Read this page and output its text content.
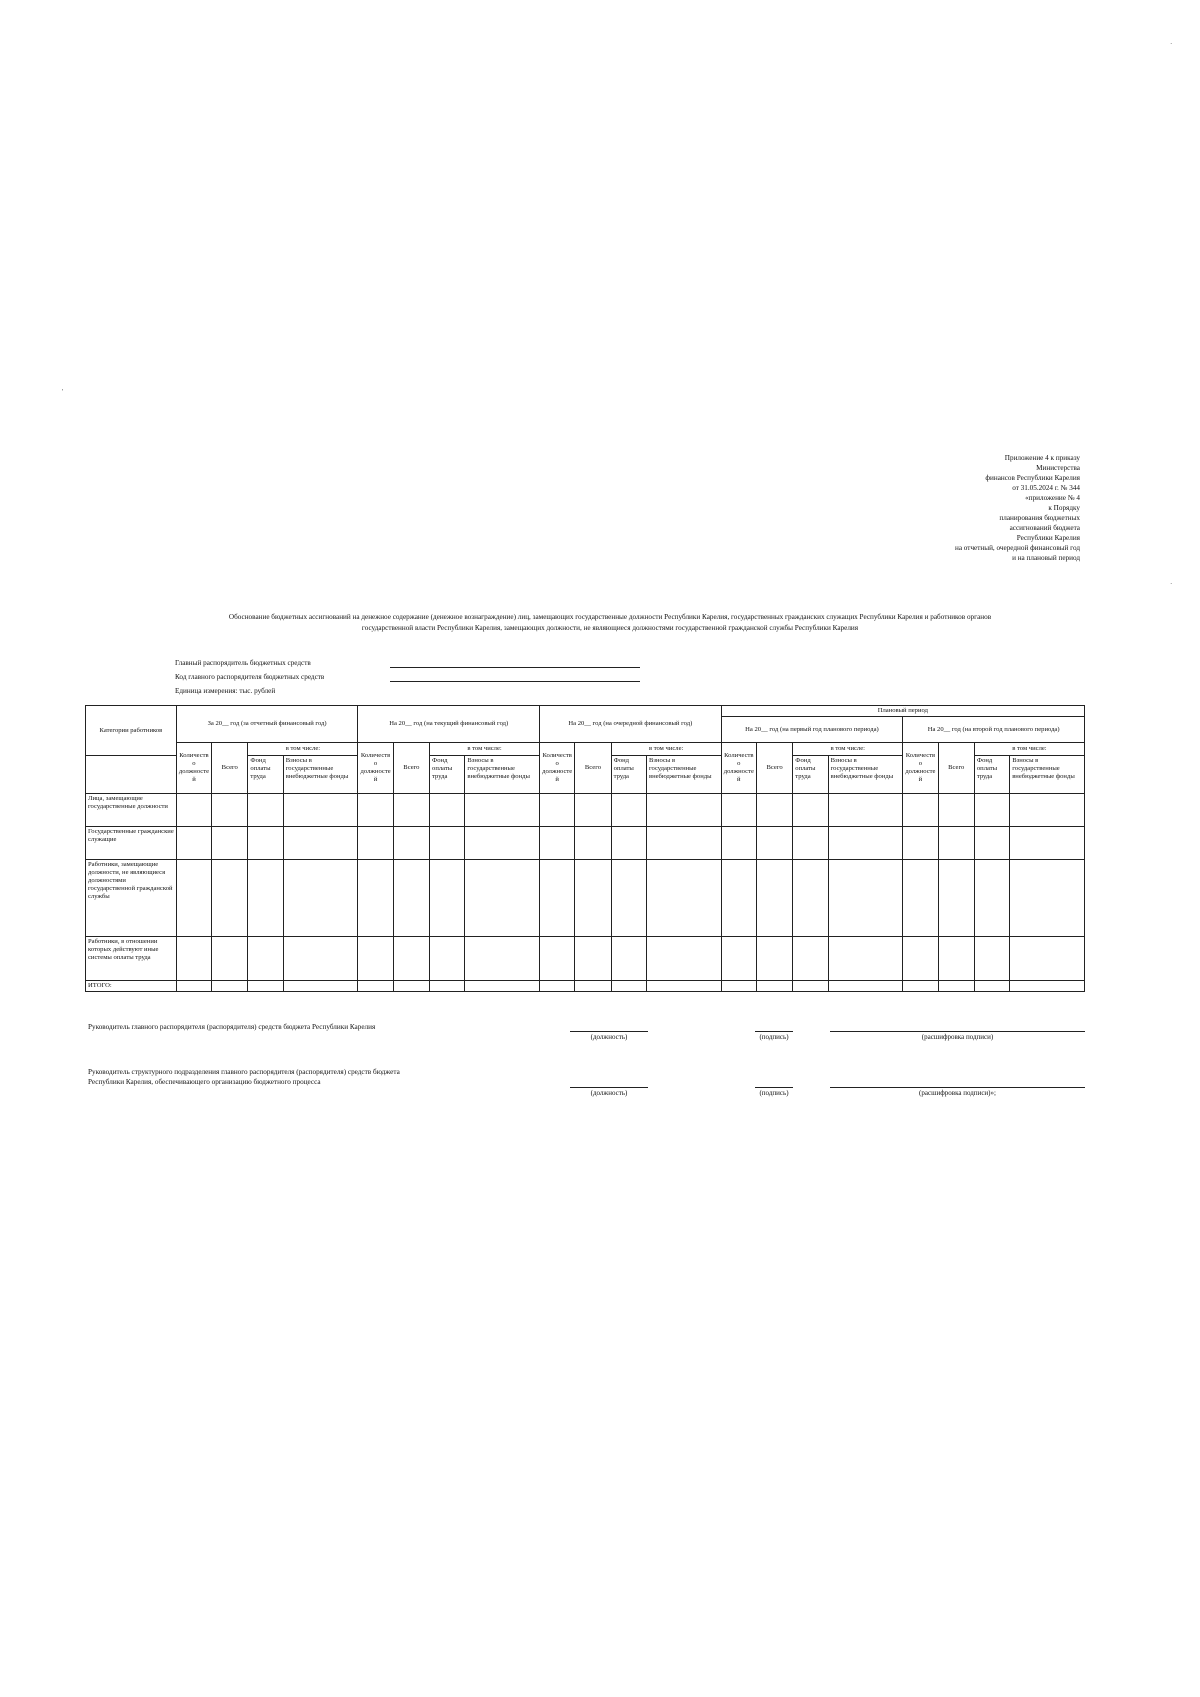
·
'
·
Приложение 4 к приказу
Министерства
финансов Республики Карелия
от 31.05.2024 г. № 344
«приложение № 4
к Порядку
планирования бюджетных
ассигнований бюджета
Республики Карелия
на отчетный, очередной финансовый год
и на плановый период
Обоснование бюджетных ассигнований на денежное содержание (денежное вознаграждение) лиц, замещающих государственные должности Республики Карелия, государственных гражданских служащих Республики Карелия и работников органов
государственной власти Республики Карелия, замещающих должности, не являющиеся должностями государственной гражданской службы Республики Карелия
Главный распорядитель бюджетных средств
Код главного распорядителя бюджетных средств
Единица измерения: тыс. рублей
Категории работников	За 20__ год (за отчетный финансовый год)				На 20__ год (на текущий финансовый год)				На 20__ год (на очередной финансовый год)				Плановый период							
													На 20__ год (на первый год планового периода)				На 20__ год (на второй год планового периода)			
	Количество должностей	Всего	в том числе:		Количество должностей	Всего	в том числе:		Количество должностей	Всего	в том числе:		Количество должностей	Всего	в том числе:		Количество должностей	Всего	в том числе:	
			Фонд оплаты труда	Взносы в государственные внебюджетные фонды			Фонд оплаты труда	Взносы в государственные внебюджетные фонды			Фонд оплаты труда	Взносы в государственные внебюджетные фонды			Фонд оплаты труда	Взносы в государственные внебюджетные фонды			Фонд оплаты труда	Взносы в государственные внебюджетные фонды
Лица, замещающие государственные должности																				
Государственные гражданские служащие																				
Работники, замещающие должности, не являющиеся должностями государственной гражданской службы																				
Работники, в отношении которых действуют иные системы оплаты труда																				
ИТОГО:																				
Руководитель главного распорядителя (распорядителя) средств бюджета Республики Карелия
(должность)	(подпись)	(расшифровка подписи)
Руководитель структурного подразделения главного распорядителя (распорядителя) средств бюджета
Республики Карелия, обеспечивающего организацию бюджетного процесса
(должность)	(подпись)	(расшифровка подписи)»;
